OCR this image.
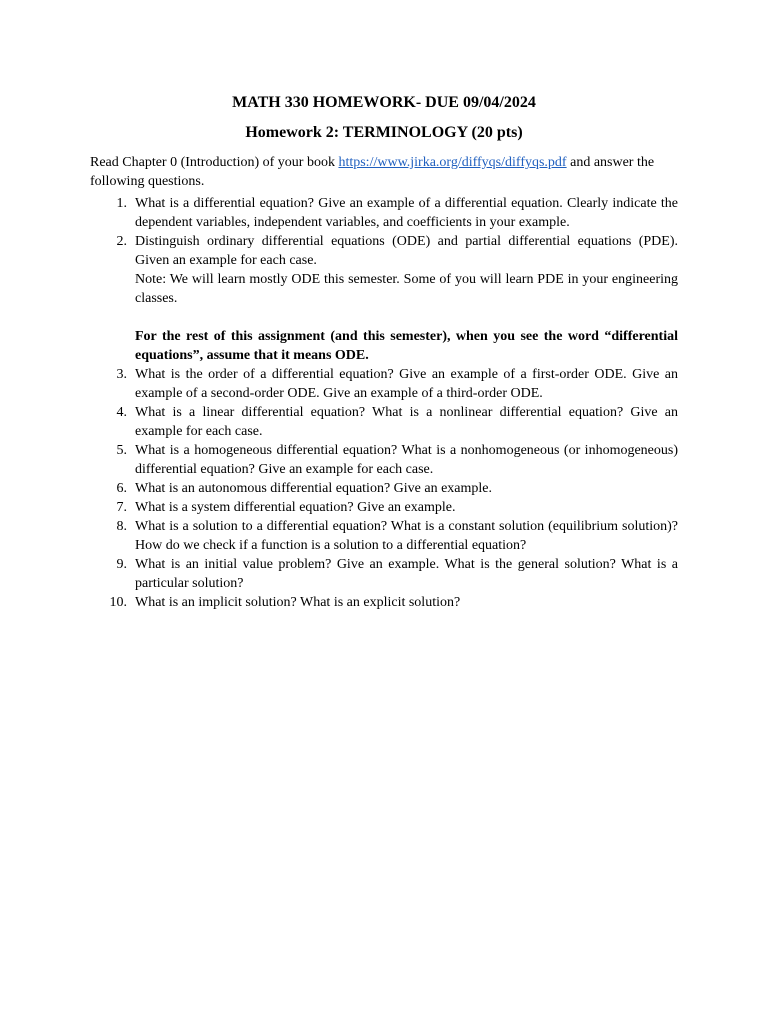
MATH 330 HOMEWORK- DUE 09/04/2024

Homework 2: TERMINOLOGY (20 pts)

Read Chapter 0 (Introduction) of your book https://www.jirka.org/diffyqs/diffyqs.pdf and answer the following questions.

1. What is a differential equation? Give an example of a differential equation. Clearly indicate the dependent variables, independent variables, and coefficients in your example.
2. Distinguish ordinary differential equations (ODE) and partial differential equations (PDE). Given an example for each case.
Note: We will learn mostly ODE this semester. Some of you will learn PDE in your engineering classes.
For the rest of this assignment (and this semester), when you see the word “differential equations”, assume that it means ODE.
3. What is the order of a differential equation? Give an example of a first-order ODE. Give an example of a second-order ODE. Give an example of a third-order ODE.
4. What is a linear differential equation? What is a nonlinear differential equation? Give an example for each case.
5. What is a homogeneous differential equation? What is a nonhomogeneous (or inhomogeneous) differential equation? Give an example for each case.
6. What is an autonomous differential equation? Give an example.
7. What is a system differential equation? Give an example.
8. What is a solution to a differential equation? What is a constant solution (equilibrium solution)? How do we check if a function is a solution to a differential equation?
9. What is an initial value problem? Give an example. What is the general solution? What is a particular solution?
10. What is an implicit solution? What is an explicit solution?
